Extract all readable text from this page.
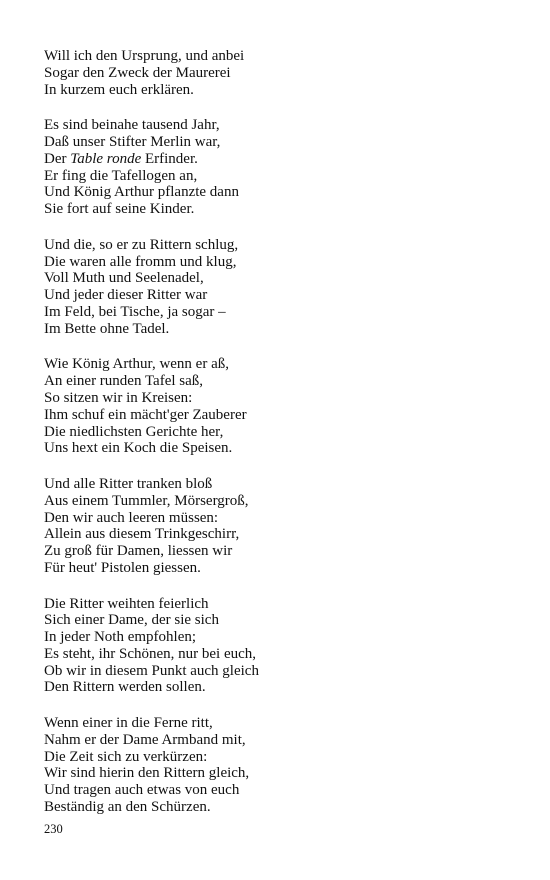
Will ich den Ursprung, und anbei
Sogar den Zweck der Maurerei
In kurzem euch erklären.
Es sind beinahe tausend Jahr,
Daß unser Stifter Merlin war,
Der Table ronde Erfinder.
Er fing die Tafellogen an,
Und König Arthur pflanzte dann
Sie fort auf seine Kinder.
Und die, so er zu Rittern schlug,
Die waren alle fromm und klug,
Voll Muth und Seelenadel,
Und jeder dieser Ritter war
Im Feld, bei Tische, ja sogar –
Im Bette ohne Tadel.
Wie König Arthur, wenn er aß,
An einer runden Tafel saß,
So sitzen wir in Kreisen:
Ihm schuf ein mächt'ger Zauberer
Die niedlichsten Gerichte her,
Uns hext ein Koch die Speisen.
Und alle Ritter tranken bloß
Aus einem Tummler, Mörsergroß,
Den wir auch leeren müssen:
Allein aus diesem Trinkgeschirr,
Zu groß für Damen, liessen wir
Für heut' Pistolen giessen.
Die Ritter weihten feierlich
Sich einer Dame, der sie sich
In jeder Noth empfohlen;
Es steht, ihr Schönen, nur bei euch,
Ob wir in diesem Punkt auch gleich
Den Rittern werden sollen.
Wenn einer in die Ferne ritt,
Nahm er der Dame Armband mit,
Die Zeit sich zu verkürzen:
Wir sind hierin den Rittern gleich,
Und tragen auch etwas von euch
Beständig an den Schürzen.
230
